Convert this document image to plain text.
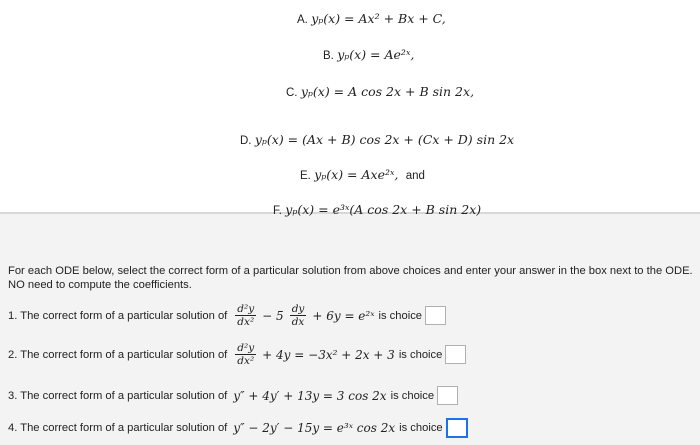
A. yₚ(x) = Ax² + Bx + C,
B. yₚ(x) = Ae²ˣ,
C. yₚ(x) = A cos 2x + B sin 2x,
D. yₚ(x) = (Ax + B) cos 2x + (Cx + D) sin 2x
E. yₚ(x) = Axe²ˣ, and
F. yₚ(x) = e³ˣ(A cos 2x + B sin 2x)
For each ODE below, select the correct form of a particular solution from above choices and enter your answer in the box next to the ODE. NO need to compute the coefficients.
1. The correct form of a particular solution of $\frac{\text{d²y}}{\text{dx²}} - 5 \frac{dy}{dx} + 6y$ = e²ˣ is choice
2. The correct form of a particular solution of $\frac{\text{d²y}}{\text{dx²}} + 4y = -3x^2 + 2x + 3$ is choice
3. The correct form of a particular solution of y″ + 4y′ + 13y = 3 cos 2x is choice
4. The correct form of a particular solution of y″ − 2y′ − 15y = e³ˣ cos 2x is choice
